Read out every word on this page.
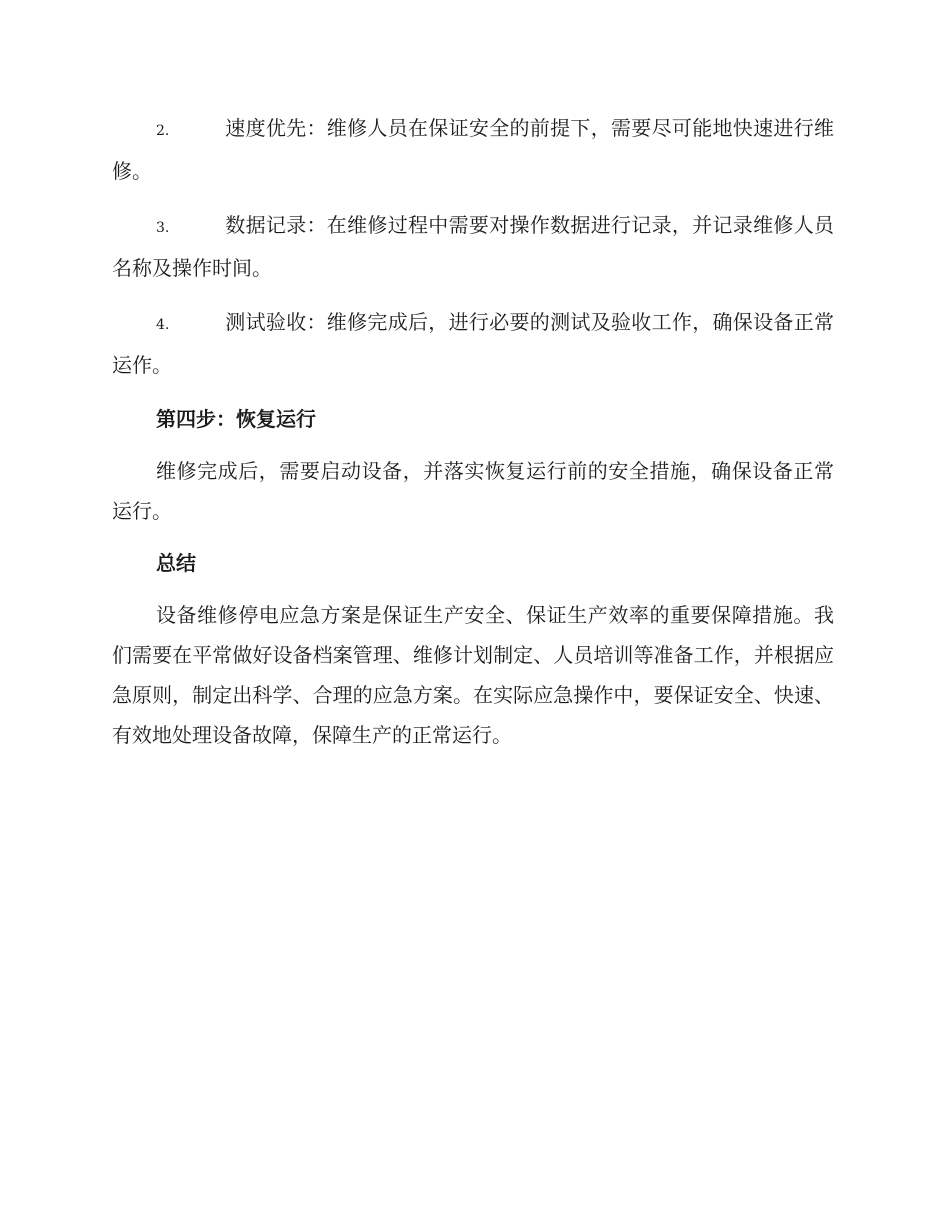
2.	速度优先：维修人员在保证安全的前提下，需要尽可能地快速进行维修。

3.	数据记录：在维修过程中需要对操作数据进行记录，并记录维修人员名称及操作时间。

4.	测试验收：维修完成后，进行必要的测试及验收工作，确保设备正常运作。

第四步：恢复运行

维修完成后，需要启动设备，并落实恢复运行前的安全措施，确保设备正常运行。

总结

设备维修停电应急方案是保证生产安全、保证生产效率的重要保障措施。我们需要在平常做好设备档案管理、维修计划制定、人员培训等准备工作，并根据应急原则，制定出科学、合理的应急方案。在实际应急操作中，要保证安全、快速、有效地处理设备故障，保障生产的正常运行。
